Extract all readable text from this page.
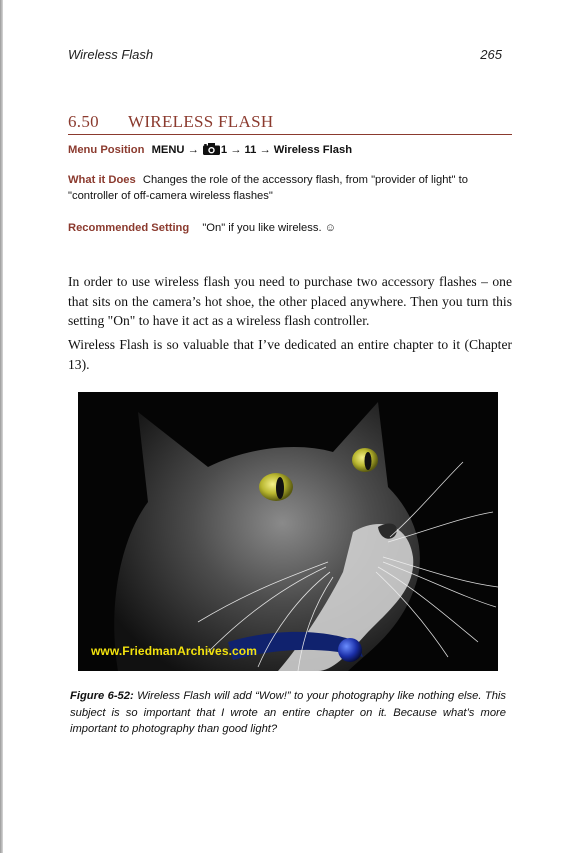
Wireless Flash	265
6.50 WIRELESS FLASH
Menu Position MENU → 1 → 11 → Wireless Flash
What it Does Changes the role of the accessory flash, from "provider of light" to "controller of off-camera wireless flashes"
Recommended Setting "On" if you like wireless. ☺

In order to use wireless flash you need to purchase two accessory flashes – one that sits on the camera’s hot shoe, the other placed anywhere. Then you turn this setting "On" to have it act as a wireless flash controller.

Wireless Flash is so valuable that I’ve dedicated an entire chapter to it (Chapter 13).

www.FriedmanArchives.com

Figure 6-52: Wireless Flash will add “Wow!” to your photography like nothing else. This subject is so important that I wrote an entire chapter on it. Because what’s more important to photography than good light?
